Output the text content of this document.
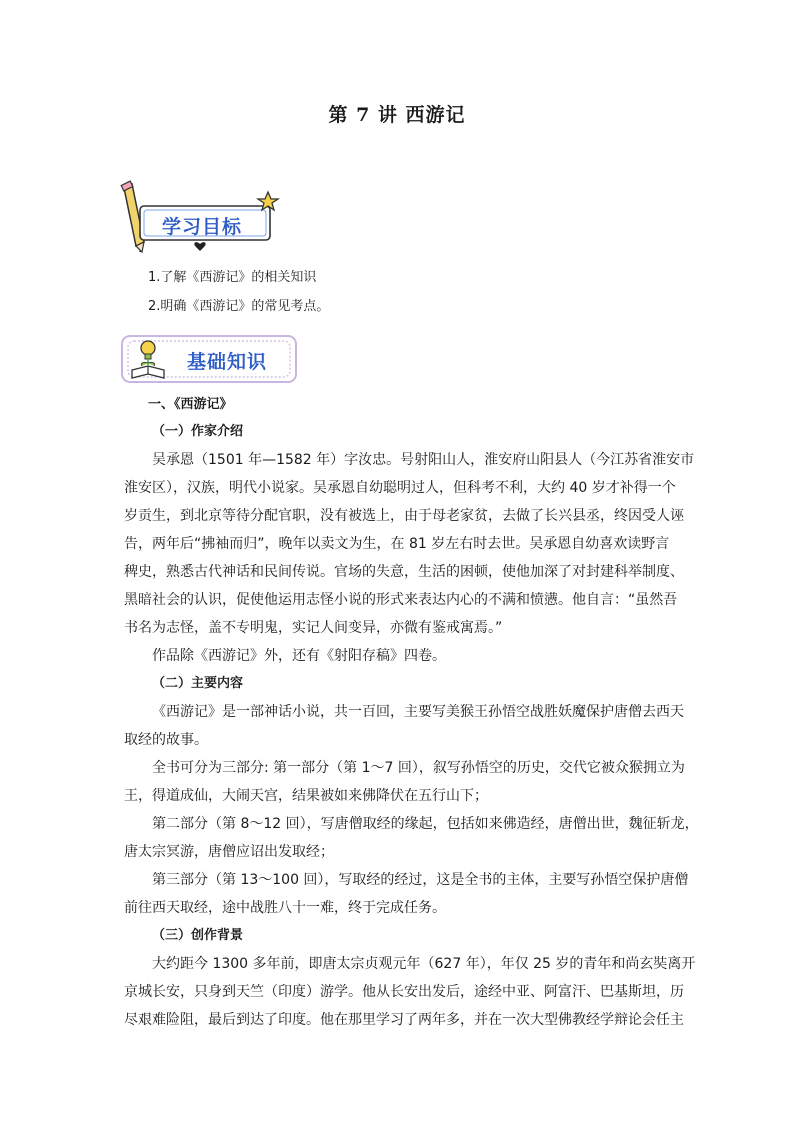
第 7 讲 西游记
学习目标
1.了解《西游记》的相关知识
2.明确《西游记》的常见考点。
基础知识
一、《西游记》
（一）作家介绍
吴承恩（1501 年—1582 年）字汝忠。号射阳山人，淮安府山阳县人（今江苏省淮安市
淮安区），汉族，明代小说家。吴承恩自幼聪明过人，但科考不利，大约 40 岁才补得一个
岁贡生，到北京等待分配官职，没有被选上，由于母老家贫，去做了长兴县丞，终因受人诬
告，两年后“拂袖而归”，晚年以卖文为生，在 81 岁左右时去世。吴承恩自幼喜欢读野言
稗史，熟悉古代神话和民间传说。官场的失意，生活的困顿，使他加深了对封建科举制度、
黑暗社会的认识，促使他运用志怪小说的形式来表达内心的不满和愤懑。他自言：“虽然吾
书名为志怪，盖不专明鬼，实记人间变异，亦微有鉴戒寓焉。”
作品除《西游记》外，还有《射阳存稿》四卷。
（二）主要内容
《西游记》是一部神话小说，共一百回，主要写美猴王孙悟空战胜妖魔保护唐僧去西天
取经的故事。
全书可分为三部分: 第一部分（第 1～7 回），叙写孙悟空的历史，交代它被众猴拥立为
王，得道成仙，大闹天宫，结果被如来佛降伏在五行山下；
第二部分（第 8～12 回），写唐僧取经的缘起，包括如来佛造经，唐僧出世，魏征斩龙，
唐太宗冥游，唐僧应诏出发取经；
第三部分（第 13～100 回），写取经的经过，这是全书的主体，主要写孙悟空保护唐僧
前往西天取经，途中战胜八十一难，终于完成任务。
（三）创作背景
大约距今 1300 多年前，即唐太宗贞观元年（627 年），年仅 25 岁的青年和尚玄奘离开
京城长安，只身到天竺（印度）游学。他从长安出发后，途经中亚、阿富汗、巴基斯坦，历
尽艰难险阻，最后到达了印度。他在那里学习了两年多，并在一次大型佛教经学辩论会任主
